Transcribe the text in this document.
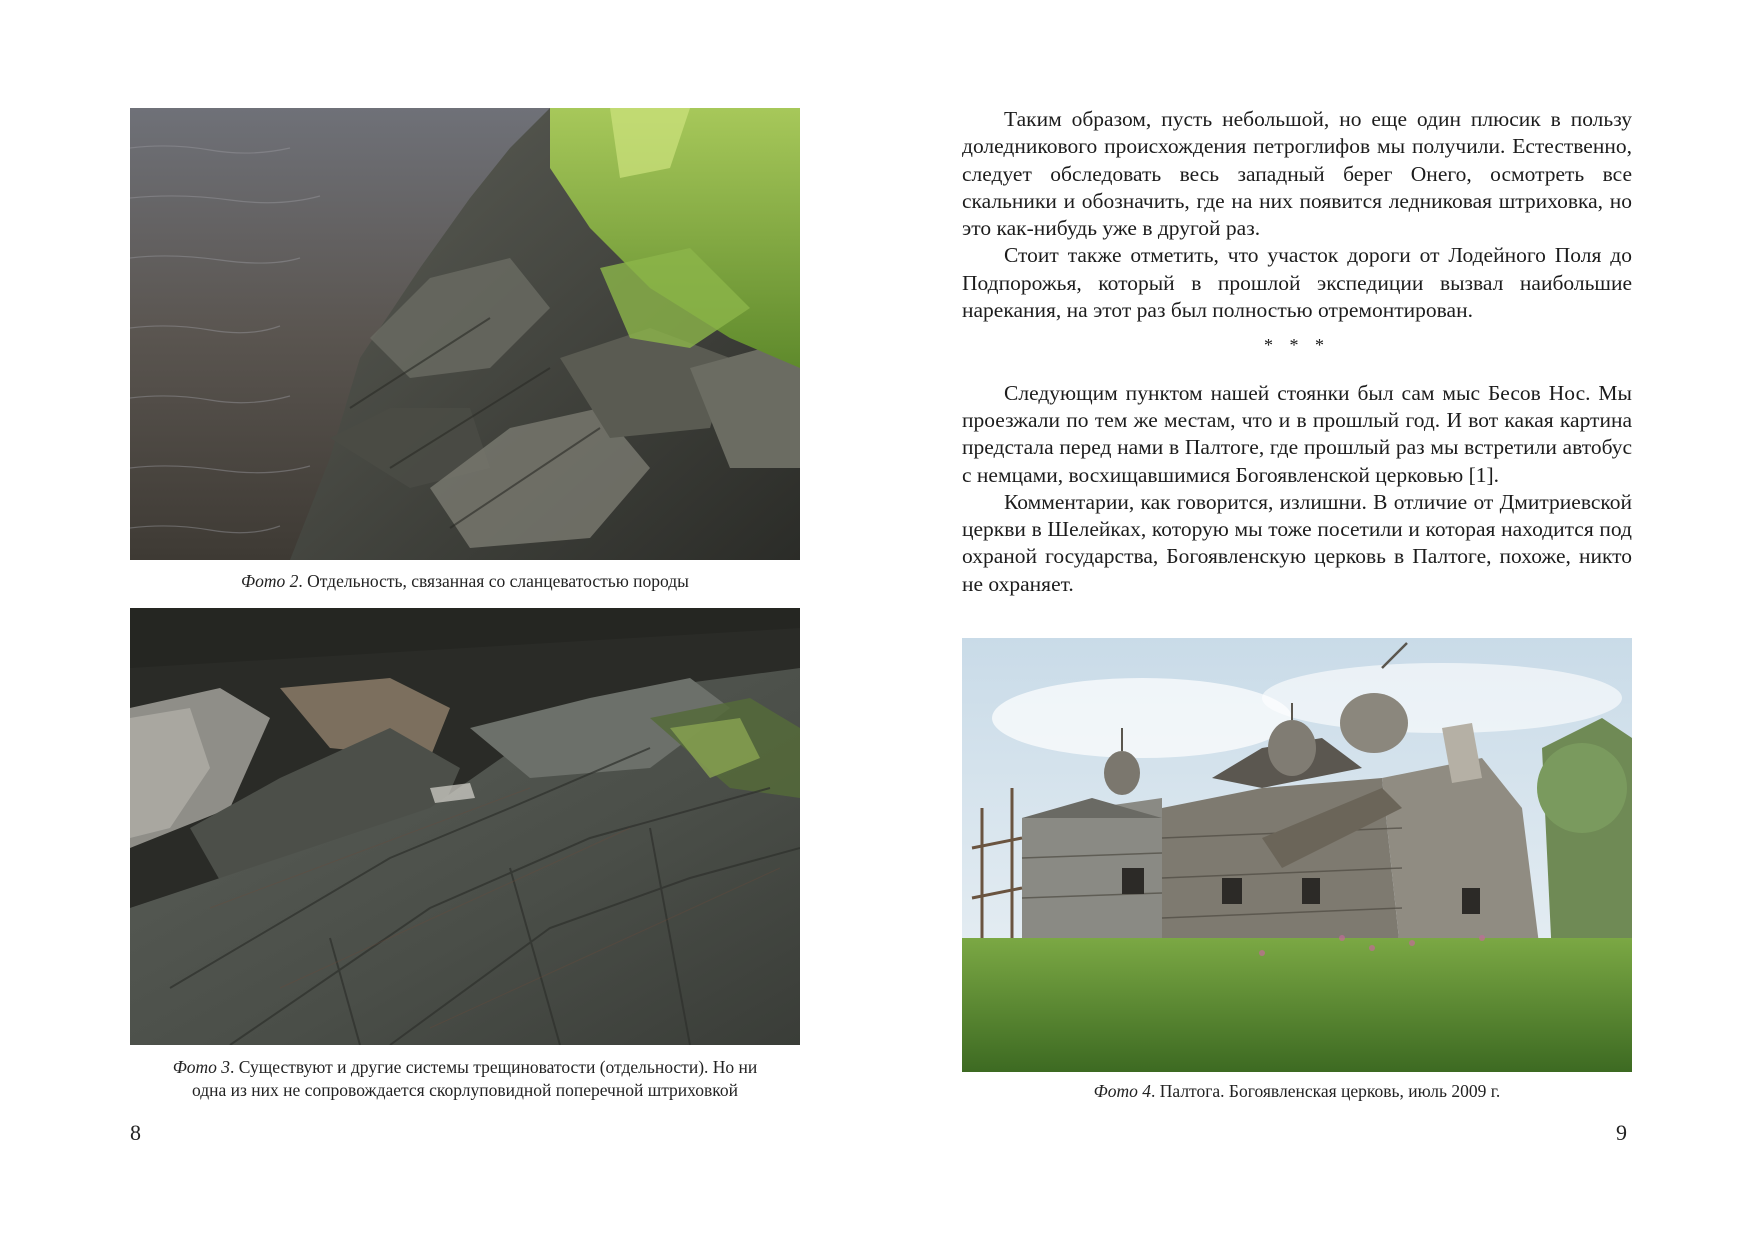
Фото 2. Отдельность, связанная со сланцеватостью породы
Фото 3. Существуют и другие системы трещиноватости (отдельности). Но ни
одна из них не сопровождается скорлуповидной поперечной штриховкой
8

Таким образом, пусть небольшой, но еще один плюсик в пользу доледникового происхождения петроглифов мы получили. Естественно, следует обследовать весь западный берег Онего, осмотреть все скальники и обозначить, где на них появится ледниковая штриховка, но это как-нибудь уже в другой раз.

Стоит также отметить, что участок дороги от Лодейного Поля до Подпорожья, который в прошлой экспедиции вызвал наибольшие нарекания, на этот раз был полностью отремонтирован.

* * *

Следующим пунктом нашей стоянки был сам мыс Бесов Нос. Мы проезжали по тем же местам, что и в прошлый год. И вот какая картина предстала перед нами в Палтоге, где прошлый раз мы встретили автобус с немцами, восхищавшимися Богоявленской церковью [1].

Комментарии, как говорится, излишни. В отличие от Дмитриевской церкви в Шелейках, которую мы тоже посетили и которая находится под охраной государства, Богоявленскую церковь в Палтоге, похоже, никто не охраняет.

Фото 4. Палтога. Богоявленская церковь, июль 2009 г.
9
